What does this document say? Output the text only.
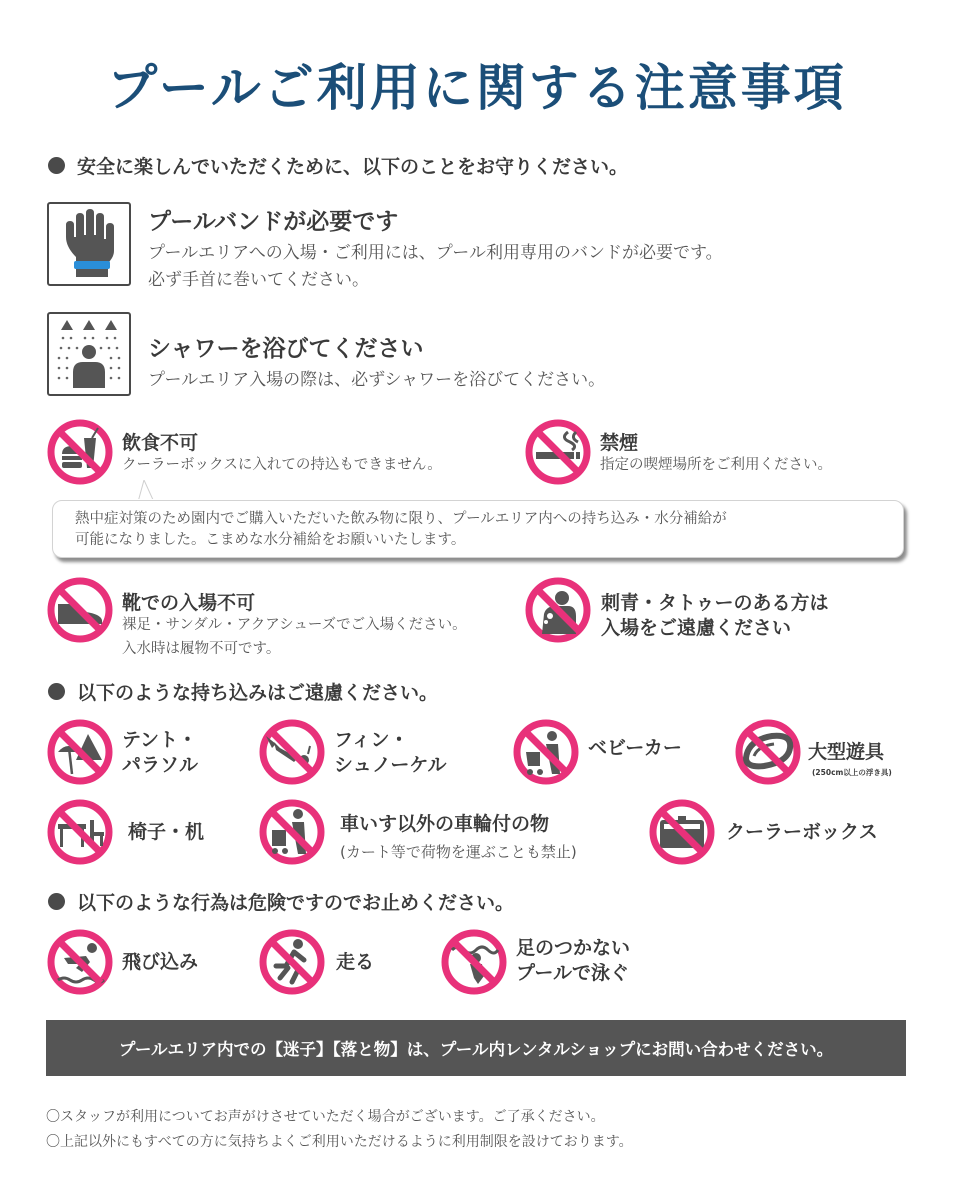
プールご利用に関する注意事項
安全に楽しんでいただくために、以下のことをお守りください。
プールバンドが必要です
プールエリアへの入場・ご利用には、プール利用専用のバンドが必要です。
必ず手首に巻いてください。
シャワーを浴びてください
プールエリア入場の際は、必ずシャワーを浴びてください。
飲食不可
クーラーボックスに入れての持込もできません。
禁煙
指定の喫煙場所をご利用ください。
熱中症対策のため園内でご購入いただいた飲み物に限り、プールエリア内への持ち込み・水分補給が
可能になりました。こまめな水分補給をお願いいたします。
靴での入場不可
裸足・サンダル・アクアシューズでご入場ください。
入水時は履物不可です。
刺青・タトゥーのある方は
入場をご遠慮ください
以下のような持ち込みはご遠慮ください。
テント・
パラソル
フィン・
シュノーケル
ベビーカー	大型遊具
(250cm以上の浮き具)
椅子・机	車いす以外の車輪付の物
(カート等で荷物を運ぶことも禁止)
クーラーボックス
以下のような行為は危険ですのでお止めください。
飛び込み	走る
足のつかない
プールで泳ぐ
プールエリア内での【迷子】【落と物】は、プール内レンタルショップにお問い合わせください。
〇スタッフが利用についてお声がけさせていただく場合がございます。ご了承ください。
〇上記以外にもすべての方に気持ちよくご利用いただけるように利用制限を設けております。
